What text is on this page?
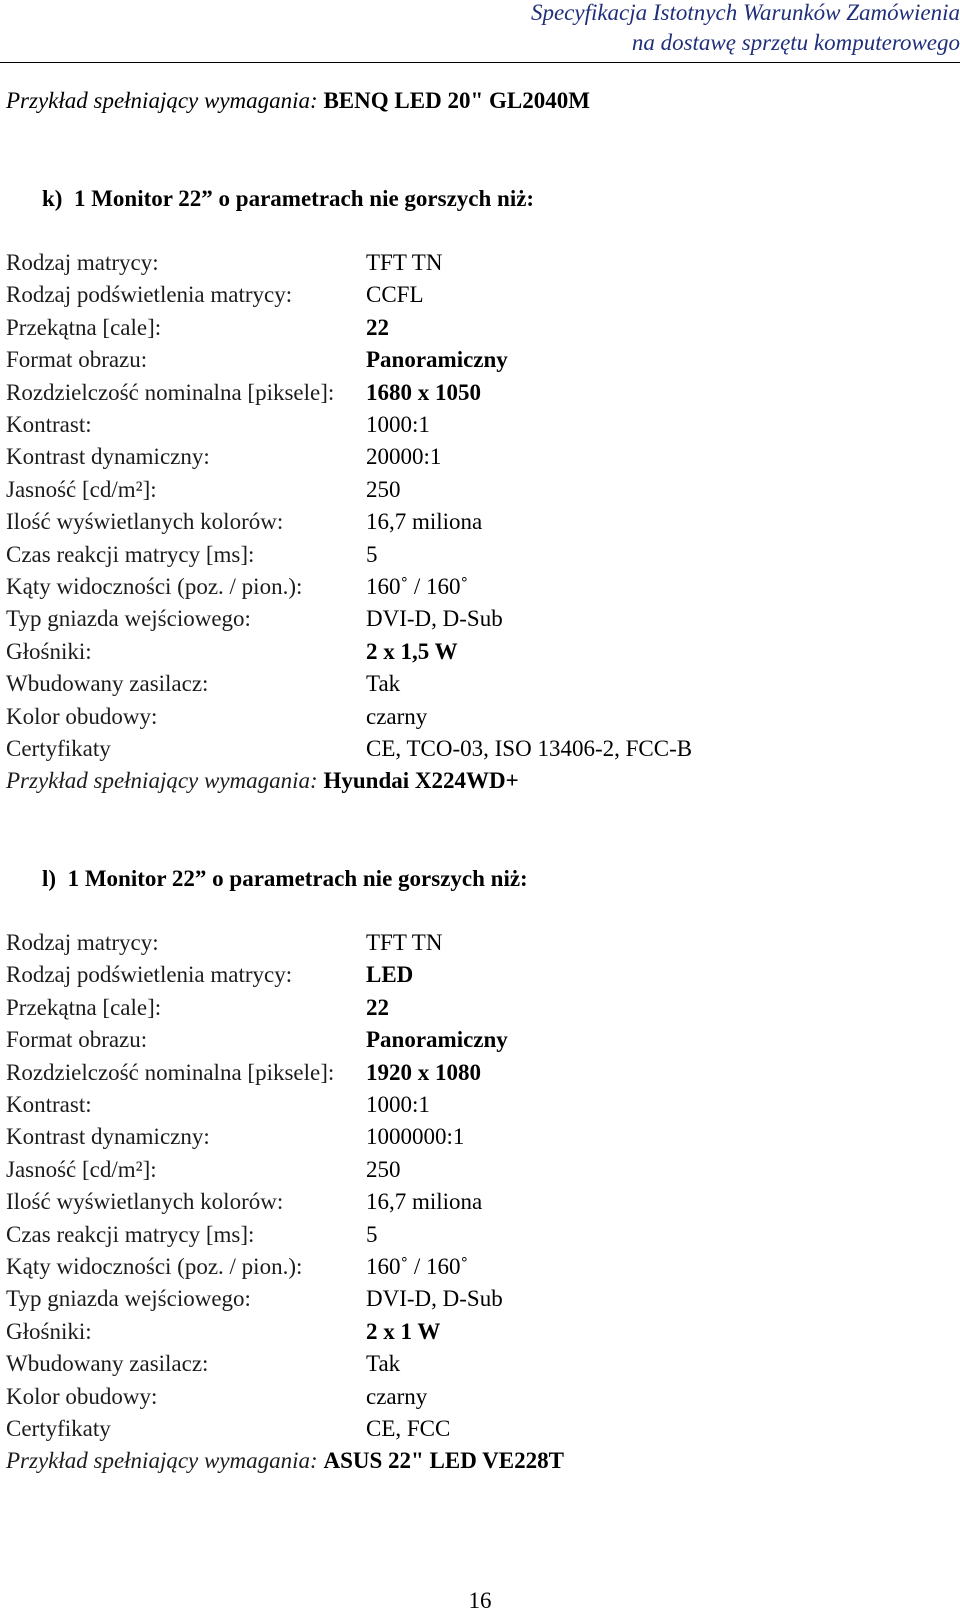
Specyfikacja Istotnych Warunków Zamówienia
na dostawę sprzętu komputerowego
Przykład spełniający wymagania: BENQ LED 20" GL2040M
k) 1 Monitor 22” o parametrach nie gorszych niż:
Rodzaj matrycy:	TFT TN
Rodzaj podświetlenia matrycy:	CCFL
Przekątna [cale]:	22
Format obrazu:	Panoramiczny
Rozdzielczość nominalna [piksele]: 1680 x 1050
Kontrast:	1000:1
Kontrast dynamiczny:	20000:1
Jasność [cd/m²]:	250
Ilość wyświetlanych kolorów:	16,7 miliona
Czas reakcji matrycy [ms]:	5
Kąty widoczności (poz. / pion.):	160˚ / 160˚
Typ gniazda wejściowego:	DVI-D, D-Sub
Głośniki:	2 x 1,5 W
Wbudowany zasilacz:	Tak
Kolor obudowy:	czarny
Certyfikaty	CE, TCO-03, ISO 13406-2, FCC-B
Przykład spełniający wymagania: Hyundai X224WD+
l) 1 Monitor 22” o parametrach nie gorszych niż:
Rodzaj matrycy:	TFT TN
Rodzaj podświetlenia matrycy:	LED
Przekątna [cale]:	22
Format obrazu:	Panoramiczny
Rozdzielczość nominalna [piksele]: 1920 x 1080
Kontrast:	1000:1
Kontrast dynamiczny:	1000000:1
Jasność [cd/m²]:	250
Ilość wyświetlanych kolorów:	16,7 miliona
Czas reakcji matrycy [ms]:	5
Kąty widoczności (poz. / pion.):	160˚ / 160˚
Typ gniazda wejściowego:	DVI-D, D-Sub
Głośniki:	2 x 1 W
Wbudowany zasilacz:	Tak
Kolor obudowy:	czarny
Certyfikaty	CE, FCC
Przykład spełniający wymagania: ASUS 22" LED VE228T
16
